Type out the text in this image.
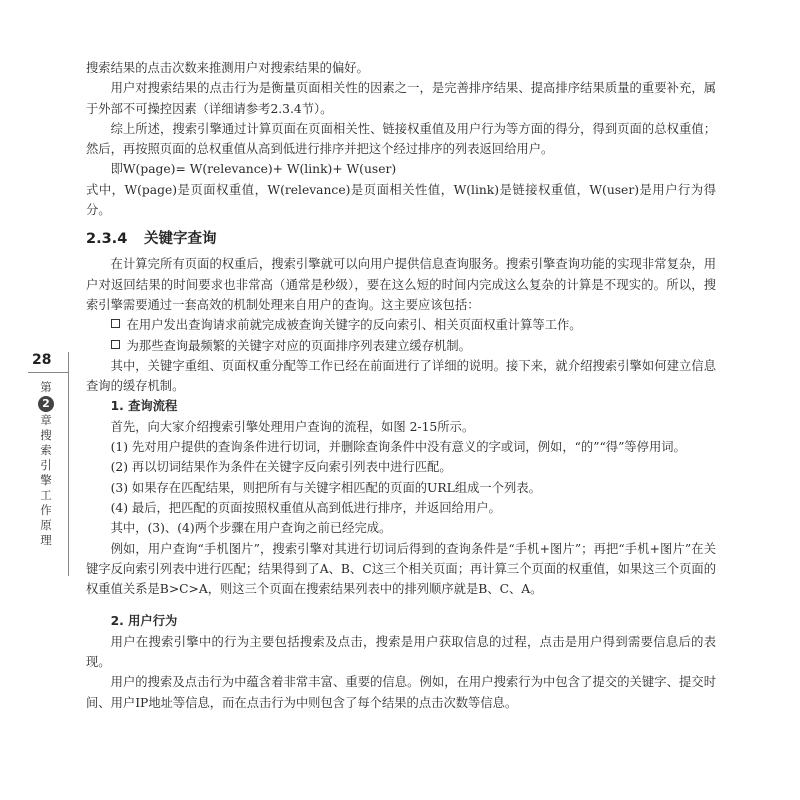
28
第
2
章
搜
索
引
擎
工
作
原
理

搜索结果的点击次数来推测用户对搜索结果的偏好。

用户对搜索结果的点击行为是衡量页面相关性的因素之一，是完善排序结果、提高排序结果质量的重要补充，属于外部不可操控因素（详细请参考2.3.4节）。

综上所述，搜索引擎通过计算页面在页面相关性、链接权重值及用户行为等方面的得分，得到页面的总权重值；然后，再按照页面的总权重值从高到低进行排序并把这个经过排序的列表返回给用户。

即W(page)= W(relevance)+ W(link)+ W(user)

式中，W(page)是页面权重值，W(relevance)是页面相关性值，W(link)是链接权重值，W(user)是用户行为得分。

2.3.4 关键字查询

在计算完所有页面的权重后，搜索引擎就可以向用户提供信息查询服务。搜索引擎查询功能的实现非常复杂，用户对返回结果的时间要求也非常高（通常是秒级），要在这么短的时间内完成这么复杂的计算是不现实的。所以，搜索引擎需要通过一套高效的机制处理来自用户的查询。这主要应该包括：

在用户发出查询请求前就完成被查询关键字的反向索引、相关页面权重计算等工作。

为那些查询最频繁的关键字对应的页面排序列表建立缓存机制。

其中，关键字重组、页面权重分配等工作已经在前面进行了详细的说明。接下来，就介绍搜索引擎如何建立信息查询的缓存机制。

1. 查询流程

首先，向大家介绍搜索引擎处理用户查询的流程，如图 2-15所示。

(1) 先对用户提供的查询条件进行切词，并删除查询条件中没有意义的字或词，例如，“的”“得”等停用词。

(2) 再以切词结果作为条件在关键字反向索引列表中进行匹配。

(3) 如果存在匹配结果，则把所有与关键字相匹配的页面的URL组成一个列表。

(4) 最后，把匹配的页面按照权重值从高到低进行排序，并返回给用户。

其中，(3)、(4)两个步骤在用户查询之前已经完成。

例如，用户查询“手机图片”，搜索引擎对其进行切词后得到的查询条件是“手机+图片”；再把“手机+图片”在关键字反向索引列表中进行匹配；结果得到了A、B、C这三个相关页面；再计算三个页面的权重值，如果这三个页面的权重值关系是B>C>A，则这三个页面在搜索结果列表中的排列顺序就是B、C、A。

2. 用户行为

用户在搜索引擎中的行为主要包括搜索及点击，搜索是用户获取信息的过程，点击是用户得到需要信息后的表现。

用户的搜索及点击行为中蕴含着非常丰富、重要的信息。例如，在用户搜索行为中包含了提交的关键字、提交时间、用户IP地址等信息，而在点击行为中则包含了每个结果的点击次数等信息。
